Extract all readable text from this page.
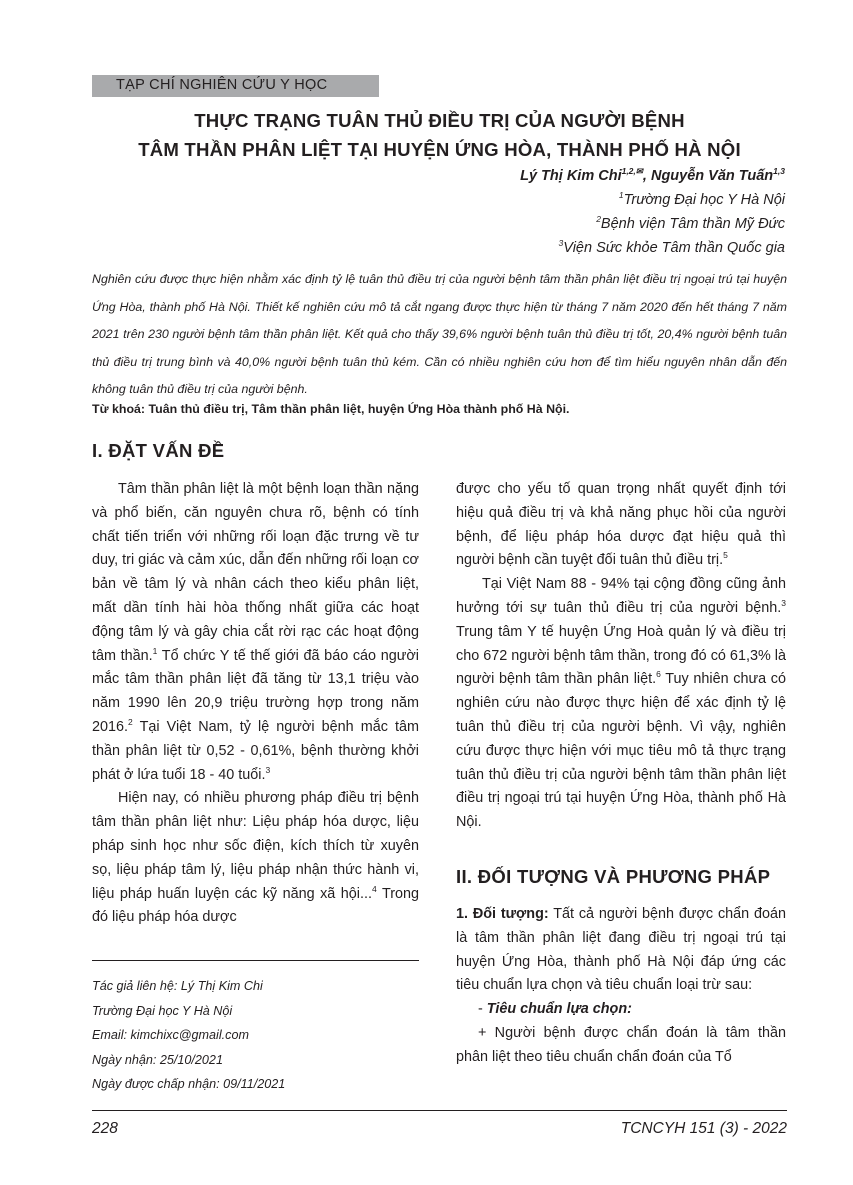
TẠP CHÍ NGHIÊN CỨU Y HỌC
THỰC TRẠNG TUÂN THỦ ĐIỀU TRỊ CỦA NGƯỜI BỆNH
TÂM THẦN PHÂN LIỆT TẠI HUYỆN ỨNG HÒA, THÀNH PHỐ HÀ NỘI
Lý Thị Kim Chi$^{1,2,✉}$, Nguyễn Văn Tuấn$^{1,3}$
$^1$Trường Đại học Y Hà Nội
$^2$Bệnh viện Tâm thần Mỹ Đức
$^3$Viện Sức khỏe Tâm thần Quốc gia
Nghiên cứu được thực hiện nhằm xác định tỷ lệ tuân thủ điều trị của người bệnh tâm thần phân liệt điều trị ngoại trú tại huyện Ứng Hòa, thành phố Hà Nội. Thiết kế nghiên cứu mô tả cắt ngang được thực hiện từ tháng 7 năm 2020 đến hết tháng 7 năm 2021 trên 230 người bệnh tâm thần phân liệt. Kết quả cho thấy 39,6% người bệnh tuân thủ điều trị tốt, 20,4% người bệnh tuân thủ điều trị trung bình và 40,0% người bệnh tuân thủ kém. Cần có nhiều nghiên cứu hơn để tìm hiểu nguyên nhân dẫn đến không tuân thủ điều trị của người bệnh.
Từ khoá: Tuân thủ điều trị, Tâm thần phân liệt, huyện Ứng Hòa thành phố Hà Nội.
I. ĐẶT VẤN ĐỀ

Tâm thần phân liệt là một bệnh loạn thần nặng và phổ biến, căn nguyên chưa rõ, bệnh có tính chất tiến triển với những rối loạn đặc trưng về tư duy, tri giác và cảm xúc, dẫn đến những rối loạn cơ bản về tâm lý và nhân cách theo kiểu phân liệt, mất dần tính hài hòa thống nhất giữa các hoạt động tâm lý và gây chia cắt rời rạc các hoạt động tâm thần.$^1$ Tổ chức Y tế thế giới đã báo cáo người mắc tâm thần phân liệt đã tăng từ 13,1 triệu vào năm 1990 lên 20,9 triệu trường hợp trong năm 2016.$^2$ Tại Việt Nam, tỷ lệ người bệnh mắc tâm thần phân liệt từ 0,52 - 0,61%, bệnh thường khởi phát ở lứa tuổi 18 - 40 tuổi.$^3$

Hiện nay, có nhiều phương pháp điều trị bệnh tâm thần phân liệt như: Liệu pháp hóa dược, liệu pháp sinh học như sốc điện, kích thích từ xuyên sọ, liệu pháp tâm lý, liệu pháp nhận thức hành vi, liệu pháp huấn luyện các kỹ năng xã hội...$^4$ Trong đó liệu pháp hóa dược

Tác giả liên hệ: Lý Thị Kim Chi
Trường Đại học Y Hà Nội
Email: kimchixc@gmail.com
Ngày nhận: 25/10/2021
Ngày được chấp nhận: 09/11/2021

được cho yếu tố quan trọng nhất quyết định tới hiệu quả điều trị và khả năng phục hồi của người bệnh, để liệu pháp hóa dược đạt hiệu quả thì người bệnh cần tuyệt đối tuân thủ điều trị.$^5$

Tại Việt Nam 88 - 94% tại cộng đồng cũng ảnh hưởng tới sự tuân thủ điều trị của người bệnh.$^3$ Trung tâm Y tế huyện Ứng Hoà quản lý và điều trị cho 672 người bệnh tâm thần, trong đó có 61,3% là người bệnh tâm thần phân liệt.$^6$ Tuy nhiên chưa có nghiên cứu nào được thực hiện để xác định tỷ lệ tuân thủ điều trị của người bệnh. Vì vậy, nghiên cứu được thực hiện với mục tiêu mô tả thực trạng tuân thủ điều trị của người bệnh tâm thần phân liệt điều trị ngoại trú tại huyện Ứng Hòa, thành phố Hà Nội.

II. ĐỐI TƯỢNG VÀ PHƯƠNG PHÁP

1. Đối tượng: Tất cả người bệnh được chẩn đoán là tâm thần phân liệt đang điều trị ngoại trú tại huyện Ứng Hòa, thành phố Hà Nội đáp ứng các tiêu chuẩn lựa chọn và tiêu chuẩn loại trừ sau:

- Tiêu chuẩn lựa chọn:

+ Người bệnh được chẩn đoán là tâm thần phân liệt theo tiêu chuẩn chẩn đoán của Tổ

228	TCNCYH 151 (3) - 2022
